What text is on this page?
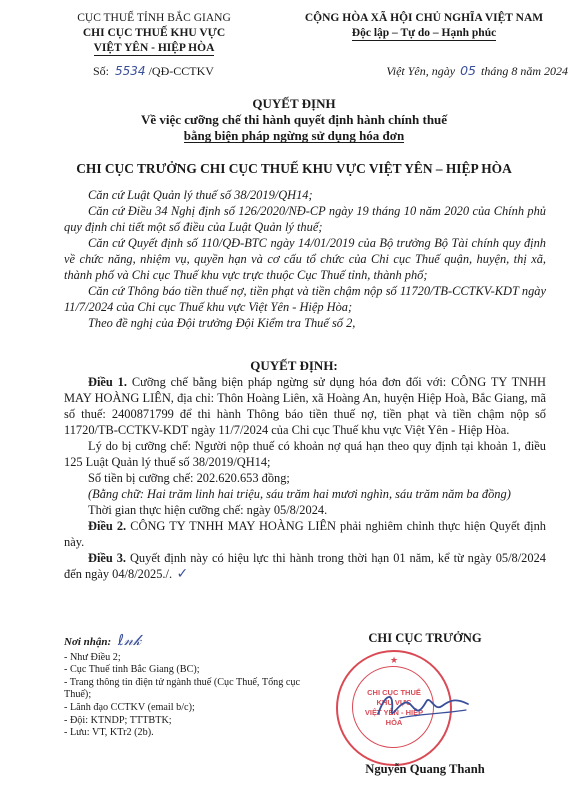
CỤC THUẾ TỈNH BẮC GIANG
CHI CỤC THUẾ KHU VỰC
VIỆT YÊN - HIỆP HÒA
Số: 5534 /QĐ-CCTKV
CỘNG HÒA XÃ HỘI CHỦ NGHĨA VIỆT NAM
Độc lập – Tự do – Hạnh phúc
Việt Yên, ngày 05 tháng 8 năm 2024
QUYẾT ĐỊNH
Về việc cưỡng chế thi hành quyết định hành chính thuế
bằng biện pháp ngừng sử dụng hóa đơn
CHI CỤC TRƯỞNG CHI CỤC THUẾ KHU VỰC VIỆT YÊN – HIỆP HÒA

Căn cứ Luật Quản lý thuế số 38/2019/QH14;

Căn cứ Điều 34 Nghị định số 126/2020/NĐ-CP ngày 19 tháng 10 năm 2020 của Chính phủ quy định chi tiết một số điều của Luật Quản lý thuế;

Căn cứ Quyết định số 110/QĐ-BTC ngày 14/01/2019 của Bộ trưởng Bộ Tài chính quy định về chức năng, nhiệm vụ, quyền hạn và cơ cấu tổ chức của Chi cục Thuế quận, huyện, thị xã, thành phố và Chi cục Thuế khu vực trực thuộc Cục Thuế tỉnh, thành phố;

Căn cứ Thông báo tiền thuế nợ, tiền phạt và tiền chậm nộp số 11720/TB-CCTKV-KDT ngày 11/7/2024 của Chi cục Thuế khu vực Việt Yên - Hiệp Hòa;

Theo đề nghị của Đội trưởng Đội Kiểm tra Thuế số 2,

QUYẾT ĐỊNH:

Điều 1. Cưỡng chế bằng biện pháp ngừng sử dụng hóa đơn đối với: CÔNG TY TNHH MAY HOÀNG LIÊN, địa chỉ: Thôn Hoàng Liên, xã Hoàng An, huyện Hiệp Hoà, Bắc Giang, mã số thuế: 2400871799 để thi hành Thông báo tiền thuế nợ, tiền phạt và tiền chậm nộp số 11720/TB-CCTKV-KDT ngày 11/7/2024 của Chi cục Thuế khu vực Việt Yên - Hiệp Hòa.

Lý do bị cưỡng chế: Người nộp thuế có khoản nợ quá hạn theo quy định tại khoản 1, điều 125 Luật Quản lý thuế số 38/2019/QH14;

Số tiền bị cưỡng chế: 202.620.653 đồng;

(Bằng chữ: Hai trăm linh hai triệu, sáu trăm hai mươi nghìn, sáu trăm năm ba đồng)

Thời gian thực hiện cưỡng chế: ngày 05/8/2024.

Điều 2. CÔNG TY TNHH MAY HOÀNG LIÊN phải nghiêm chỉnh thực hiện Quyết định này.

Điều 3. Quyết định này có hiệu lực thi hành trong thời hạn 01 năm, kể từ ngày 05/8/2024 đến ngày 04/8/2025./. ✓

Nơi nhận: ℓ𝓃𝓀
- Như Điều 2;
- Cục Thuế tỉnh Bắc Giang (BC);
- Trang thông tin điện tử ngành thuế (Cục Thuế, Tổng cục Thuế);
- Lãnh đạo CCTKV (email b/c);
- Đội: KTNDP; TTTBTK;
- Lưu: VT, KTr2 (2b).
CHI CỤC TRƯỞNG
CHI CỤC THUẾ
KHU VỰC
VIỆT YÊN - HIỆP HÒA
★
Nguyễn Quang Thanh
